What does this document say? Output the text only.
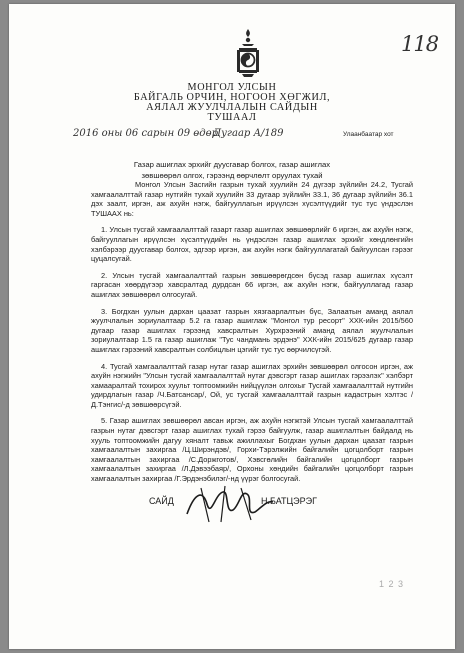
118
МОНГОЛ УЛСЫН
БАЙГАЛЬ ОРЧИН, НОГООН ХӨГЖИЛ,
АЯЛАЛ ЖУУЛЧЛАЛЫН САЙДЫН
ТУШААЛ
2016 оны 06 сарын 09 өдөр
Дугаар А/189	Улаанбаатар хот
Газар ашиглах эрхийг дуусгавар болгох, газар ашиглах
зөвшөөрөл олгох, гэрээнд өөрчлөлт оруулах тухай

Монгол Улсын Засгийн газрын тухай хуулийн 24 дүгээр зүйлийн 24.2, Тусгай хамгаалалттай газар нутгийн тухай хуулийн 33 дугаар зүйлийн 33.1, 36 дугаар зүйлийн 36.1 дэх заалт, иргэн, аж ахуйн нэгж, байгууллагын ирүүлсэн хүсэлтүүдийг тус тус үндэслэн ТУШААХ нь:

1. Улсын тусгай хамгаалалттай газарт газар ашиглах зөвшөөрлийг 6 иргэн, аж ахуйн нэгж, байгууллагын ирүүлсэн хүсэлтүүдийн нь үндэслэн газар ашиглах эрхийг хөндлөнгийн хэлбэрээр дуусгавар болгох, эдгээр иргэн, аж ахуйн нэгж байгууллагатай байгуулсан гэрээг цуцалсугай.

2. Улсын тусгай хамгаалалттай газрын зөвшөөрөгдсөн бүсэд газар ашиглах хүсэлт гаргасан хөөрдүгээр хавсралтад дурдсан 66 иргэн, аж ахуйн нэгж, байгууллагад газар ашиглах зөвшөөрөл олгосугай.

3. Богдхан уулын дархан цаазат газрын хязгаарлалтын бүс, Залаатын аманд аялал жуулчлалын зориулалтаар 5.2 га газар ашиглаж "Монгол тур ресорт" ХХК-ийн 2015/560 дугаар газар ашиглах гэрээнд хавсралтын Хурхрээний аманд аялал жуулчлалын зориулалтаар 1.5 га газар ашиглаж "Тус чандмань эрдэнэ" ХХК-ийн 2015/625 дугаар газар ашиглах гэрээний хавсралтын солбицлын цэгийг тус тус өөрчилсүгэй.

4. Тусгай хамгаалалттай газар нутаг газар ашиглах эрхийн зөвшөөрөл олгосон иргэн, аж ахуйн нэгжийн "Улсын тусгай хамгаалалттай нутаг дэвсгэрт газар ашиглах гэрээлэх" хэлбэрт хамааралтай тохирох хуульт топтоомжийн нийцүүлэн олгохыг Тусгай хамгаалалттай нутгийн удирдлагын газар /Ч.Батсансар/, Ой, ус тусгай хамгаалалттай газрын кадастрын хэлтэс /Д.Тэнгис/-д зөвшөөрсүгэй.

5. Газар ашиглах зөвшөөрөл авсан иргэн, аж ахуйн нэгжтэй Улсын тусгай хамгаалалттай газрын нутаг дэвсгэрт газар ашиглах тухай гэрээ байгуулж, газар ашиглалтын байдалд нь хууль топтоомжийн дагуу хяналт тавьж ажиллахыг Богдхан уулын дархан цаазат газрын хамгаалалтын захиргаа /Ц.Ширэндэв/, Горхи-Тэрэлжийн байгалийн цогцолборт газрын хамгаалалтын захиргаа /С.Доржготов/, Хэвсгөлийн байгалийн цогцолборт газрын хамгаалалтын захиргаа /Л.Дэвээбаяр/, Орхоны хөндийн байгалийн цогцолборт газрын хамгаалалтын захиргаа /Г.Эрдэнэбилэг/-нд үүрэг болгосугай.

САЙД	Н.БАТЦЭРЭГ
1 2 3
